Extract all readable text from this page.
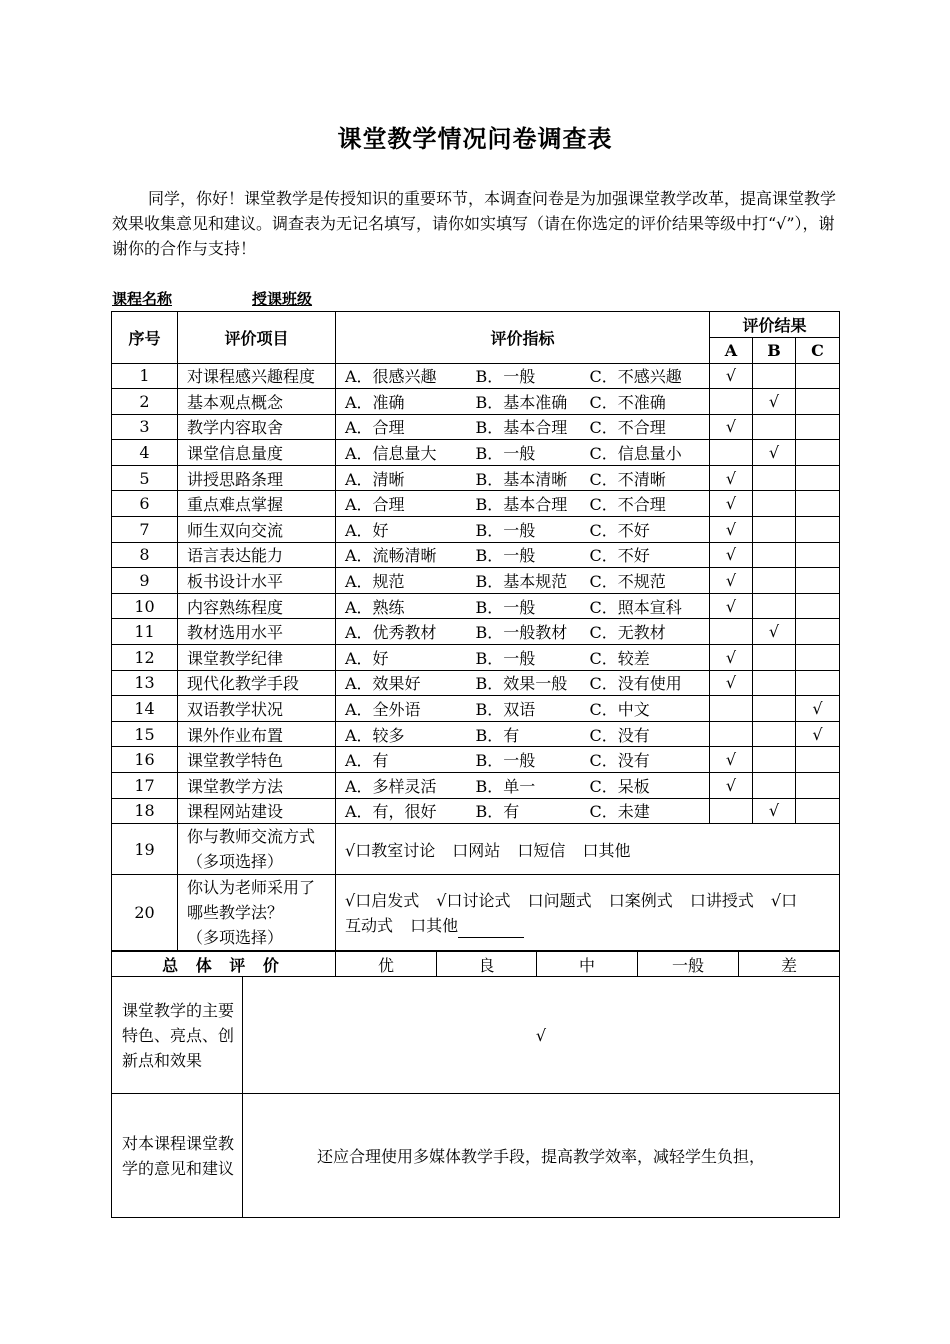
课堂教学情况问卷调查表
同学，你好！课堂教学是传授知识的重要环节，本调查问卷是为加强课堂教学改革，提高课堂教学效果收集意见和建议。调查表为无记名填写，请你如实填写（请在你选定的评价结果等级中打“√”），谢谢你的合作与支持！
课程名称	授课班级
序号	评价项目	评价指标			评价结果		
					A	B	C
1	对课程感兴趣程度	A．很感兴趣	B．一般	C．不感兴趣	√		
2	基本观点概念	A．准确	B．基本准确	C．不准确		√	
3	教学内容取舍	A．合理	B．基本合理	C．不合理	√		
4	课堂信息量度	A．信息量大	B．一般	C．信息量小		√	
5	讲授思路条理	A．清晰	B．基本清晰	C．不清晰	√		
6	重点难点掌握	A．合理	B．基本合理	C．不合理	√		
7	师生双向交流	A．好	B．一般	C．不好	√		
8	语言表达能力	A．流畅清晰	B．一般	C．不好	√		
9	板书设计水平	A．规范	B．基本规范	C．不规范	√		
10	内容熟练程度	A．熟练	B．一般	C．照本宣科	√		
11	教材选用水平	A．优秀教材	B．一般教材	C．无教材		√	
12	课堂教学纪律	A．好	B．一般	C．较差	√		
13	现代化教学手段	A．效果好	B．效果一般	C．没有使用	√		
14	双语教学状况	A．全外语	B．双语	C．中文			√
15	课外作业布置	A．较多	B．有	C．没有			√
16	课堂教学特色	A．有	B．一般	C．没有	√		
17	课堂教学方法	A．多样灵活	B．单一	C．呆板	√		
18	课程网站建设	A．有，很好	B．有	C．未建		√	
19	你与教师交流方式
（多项选择）	√口教室讨论 口网站 口短信 口其他					
20	你认为老师采用了
哪些教学法？
（多项选择）	√口启发式 √口讨论式 口问题式 口案例式 口讲授式 √口
互动式 口其他					
总 体 评 价	优	良	中	一般	差
课堂教学的主要特色、亮点、创新点和效果	√
对本课程课堂教学的意见和建议	还应合理使用多媒体教学手段，提高教学效率，减轻学生负担，
